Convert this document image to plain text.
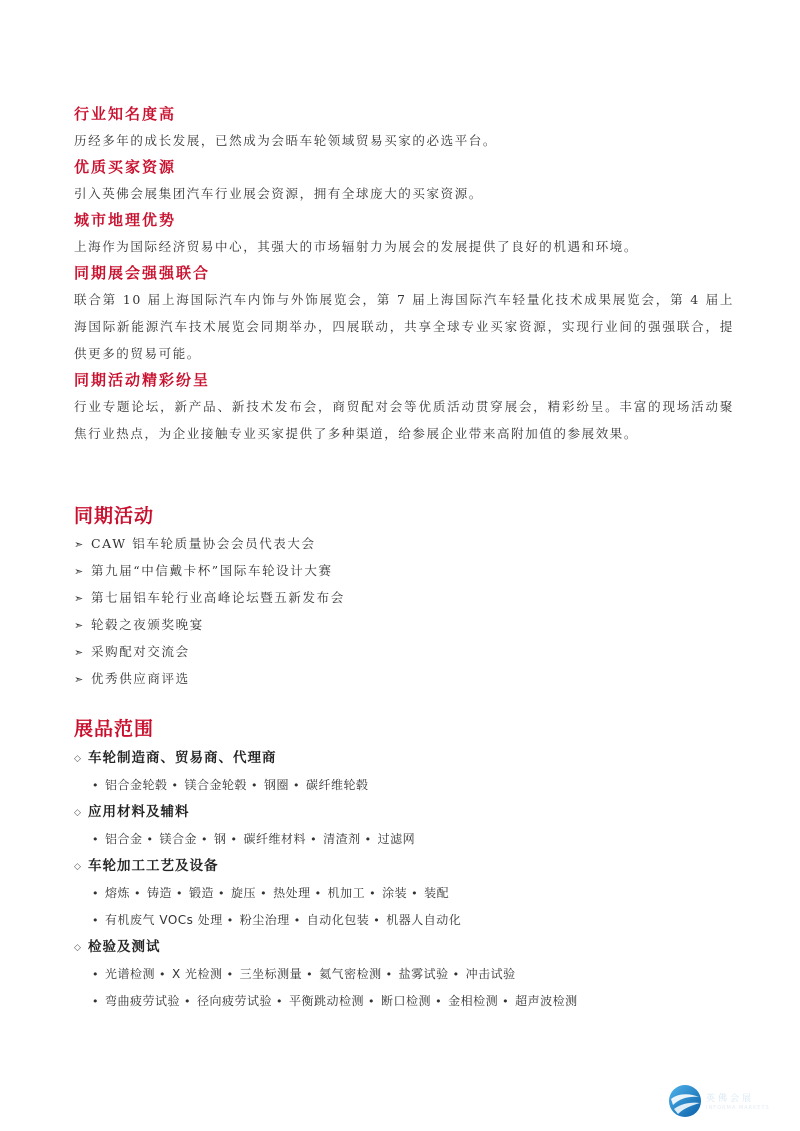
行业知名度高

历经多年的成长发展，已然成为会晤车轮领域贸易买家的必选平台。

优质买家资源

引入英佛会展集团汽车行业展会资源，拥有全球庞大的买家资源。

城市地理优势

上海作为国际经济贸易中心，其强大的市场辐射力为展会的发展提供了良好的机遇和环境。

同期展会强强联合

联合第 10 届上海国际汽车内饰与外饰展览会，第 7 届上海国际汽车轻量化技术成果展览会，第 4 届上海国际新能源汽车技术展览会同期举办，四展联动，共享全球专业买家资源，实现行业间的强强联合，提供更多的贸易可能。

同期活动精彩纷呈

行业专题论坛，新产品、新技术发布会，商贸配对会等优质活动贯穿展会，精彩纷呈。丰富的现场活动聚焦行业热点，为企业接触专业买家提供了多种渠道，给参展企业带来高附加值的参展效果。

同期活动
➣ CAW 铝车轮质量协会会员代表大会
➣ 第九届“中信戴卡杯”国际车轮设计大赛
➣ 第七届铝车轮行业高峰论坛暨五新发布会
➣ 轮毂之夜颁奖晚宴
➣ 采购配对交流会
➣ 优秀供应商评选
展品范围
◇ 车轮制造商、贸易商、代理商
• 铝合金轮毂 • 镁合金轮毂 • 钢圈 • 碳纤维轮毂
◇ 应用材料及辅料
• 铝合金 • 镁合金 • 钢 • 碳纤维材料 • 清渣剂 • 过滤网
◇ 车轮加工工艺及设备
• 熔炼 • 铸造 • 锻造 • 旋压 • 热处理 • 机加工 • 涂装 • 装配
• 有机废气 VOCs 处理 • 粉尘治理 • 自动化包装 • 机器人自动化
◇ 检验及测试
• 光谱检测 • X 光检测 • 三坐标测量 • 氦气密检测 • 盐雾试验 • 冲击试验
• 弯曲疲劳试验 • 径向疲劳试验 • 平衡跳动检测 • 断口检测 • 金相检测 • 超声波检测
英佛会展
INFORMA MARKETS
